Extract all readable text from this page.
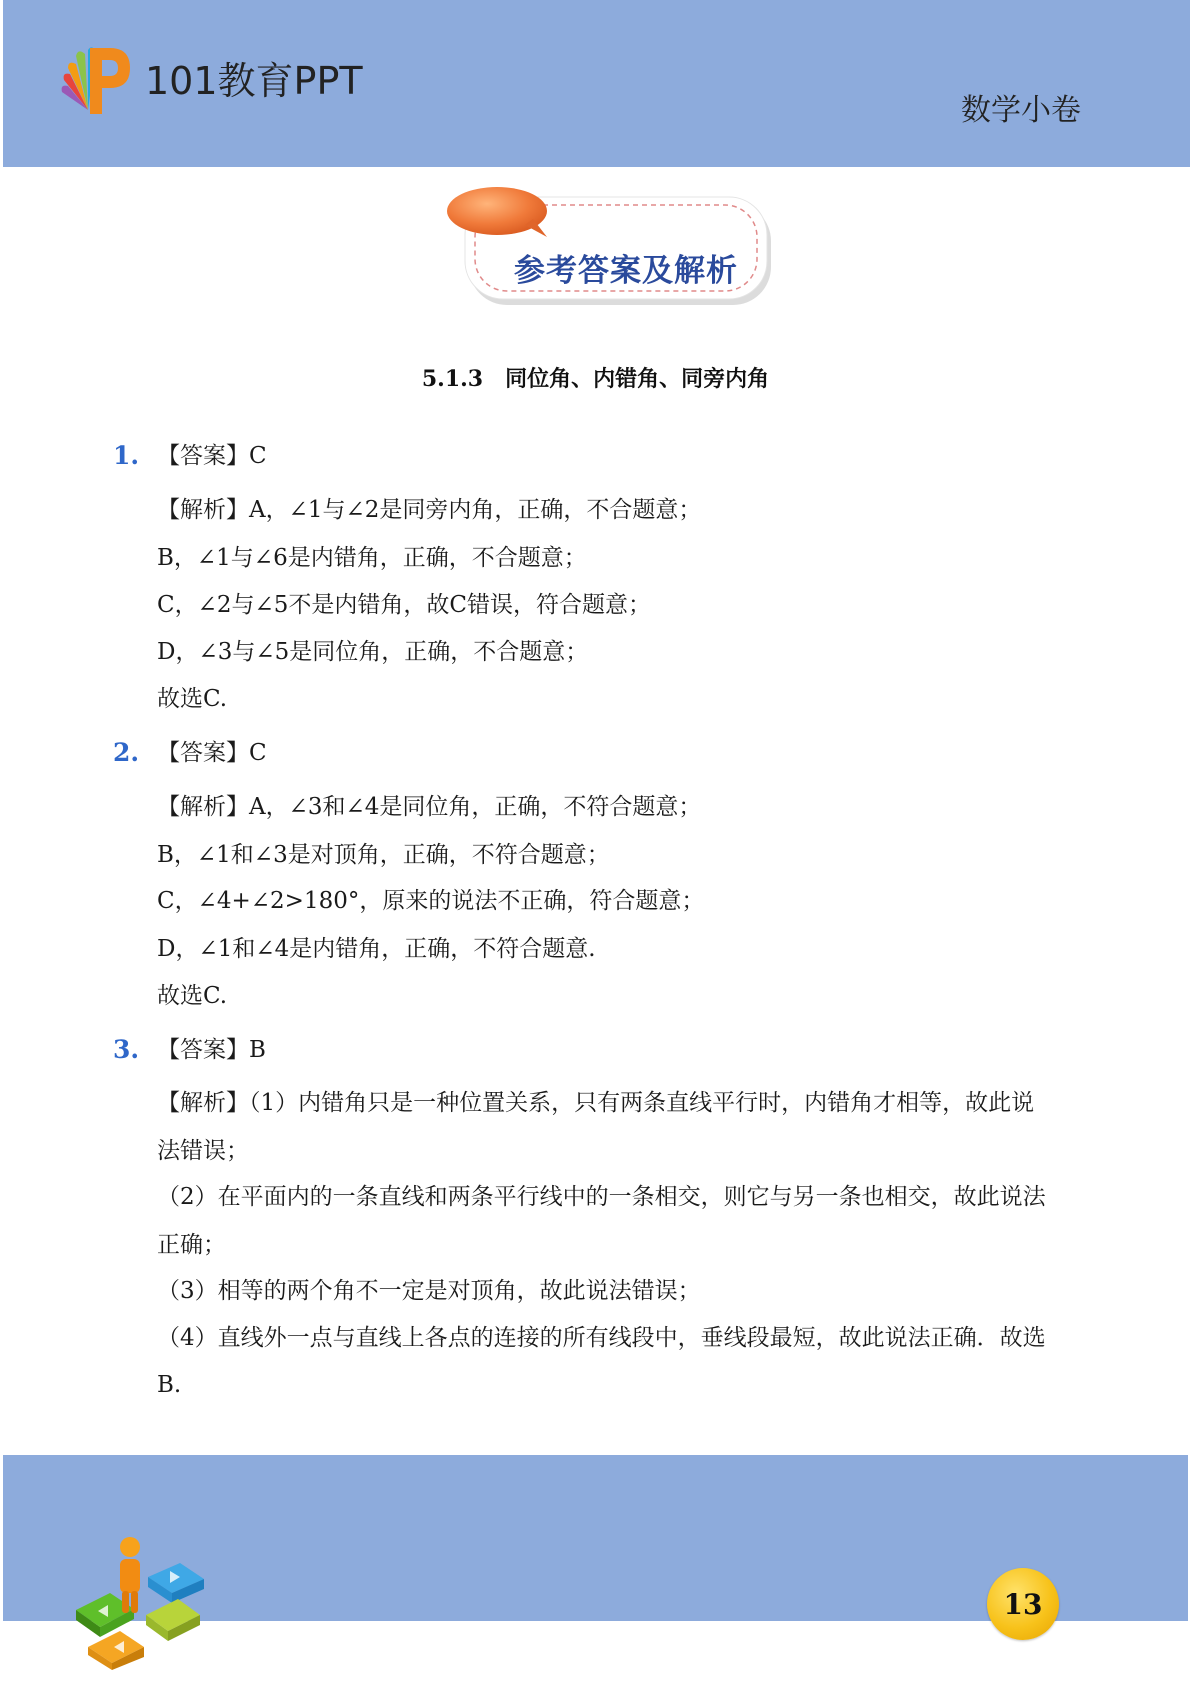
101教育PPT
数学小卷
参考答案及解析
5.1.3 同位角、内错角、同旁内角
1. 【答案】C
【解析】A，∠1与∠2是同旁内角，正确，不合题意；
B，∠1与∠6是内错角，正确，不合题意；
C，∠2与∠5不是内错角，故C错误，符合题意；
D，∠3与∠5是同位角，正确，不合题意；
故选C.
2. 【答案】C
【解析】A，∠3和∠4是同位角，正确，不符合题意；
B，∠1和∠3是对顶角，正确，不符合题意；
C，∠4+∠2>180°，原来的说法不正确，符合题意；
D，∠1和∠4是内错角，正确，不符合题意.
故选C.
3. 【答案】B
【解析】（1）内错角只是一种位置关系，只有两条直线平行时，内错角才相等，故此说
法错误；
（2）在平面内的一条直线和两条平行线中的一条相交，则它与另一条也相交，故此说法
正确；
（3）相等的两个角不一定是对顶角，故此说法错误；
（4）直线外一点与直线上各点的连接的所有线段中，垂线段最短，故此说法正确．故选
B.
13
